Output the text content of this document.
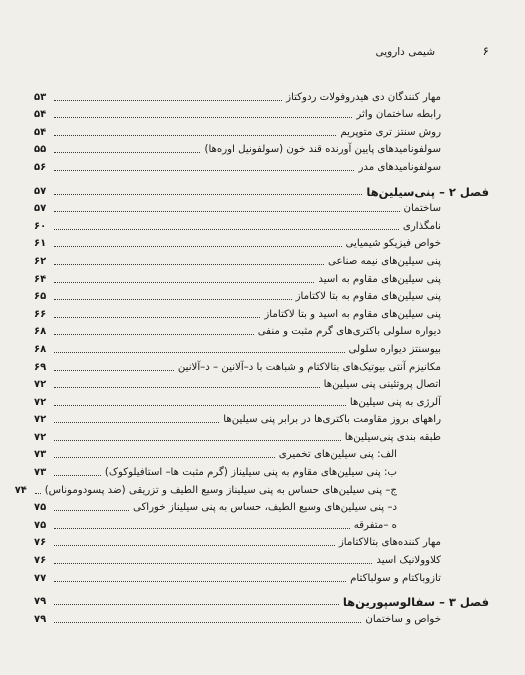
شیمی دارویی	۶
مهار کنندگان دی هیدروفولات ردوکتاز
۵۳
رابطه ساختمان واثر
۵۴
روش سنتز تری متوپریم
۵۴
سولفونامیدهای پایین آورنده قند خون (سولفونیل اوره‌ها)
۵۵
سولفونامیدهای مدر
۵۶
فصل ۲ – پنی‌سیلین‌ها
۵۷
ساختمان
۵۷
نامگذاری
۶۰
خواص فیزیکو شیمیایی
۶۱
پنی سیلین‌های نیمه صناعی
۶۲
پنی سیلین‌های مقاوم به اسید
۶۴
پنی سیلین‌های مقاوم به بتا لاکتاماز
۶۵
پنی سیلین‌های مقاوم به اسید و بتا لاکتاماز
۶۶
دیواره سلولی باکتری‌های گرم مثبت و منفی
۶۸
بیوسنتز دیواره سلولی
۶۸
مکانیزم آنتی بیوتیک‌های بتالاکتام و شباهت با د–آلانین – د–آلانین
۶۹
اتصال پروتئینی پنی سیلین‌ها
۷۲
آلرژی به پنی سیلین‌ها
۷۲
راههای بروز مقاومت باکتری‌ها در برابر پنی سیلین‌ها
۷۲
طبقه بندی پنی‌سیلین‌ها
۷۲
الف: پنی سیلین‌های تخمیری
۷۳
ب: پنی سیلین‌های مقاوم به پنی سیلیناز (گرم مثبت ها– استافیلوکوک)
۷۳
ج– پنی سیلین‌های حساس به پنی سیلیناز وسیع الطیف و تزریقی (ضد پسودوموناس)
۷۴
د– پنی سیلین‌های وسیع الطیف، حساس به پنی سیلیناز خوراکی
۷۵
ه –متفرقه
۷۵
مهار کننده‌های بتالاکتاماز
۷۶
کلاوولانیک اسید
۷۶
تازوباکتام و سولباکتام
۷۷
فصل ۳ – سفالوسپورین‌ها
۷۹
خواص و ساختمان
۷۹
